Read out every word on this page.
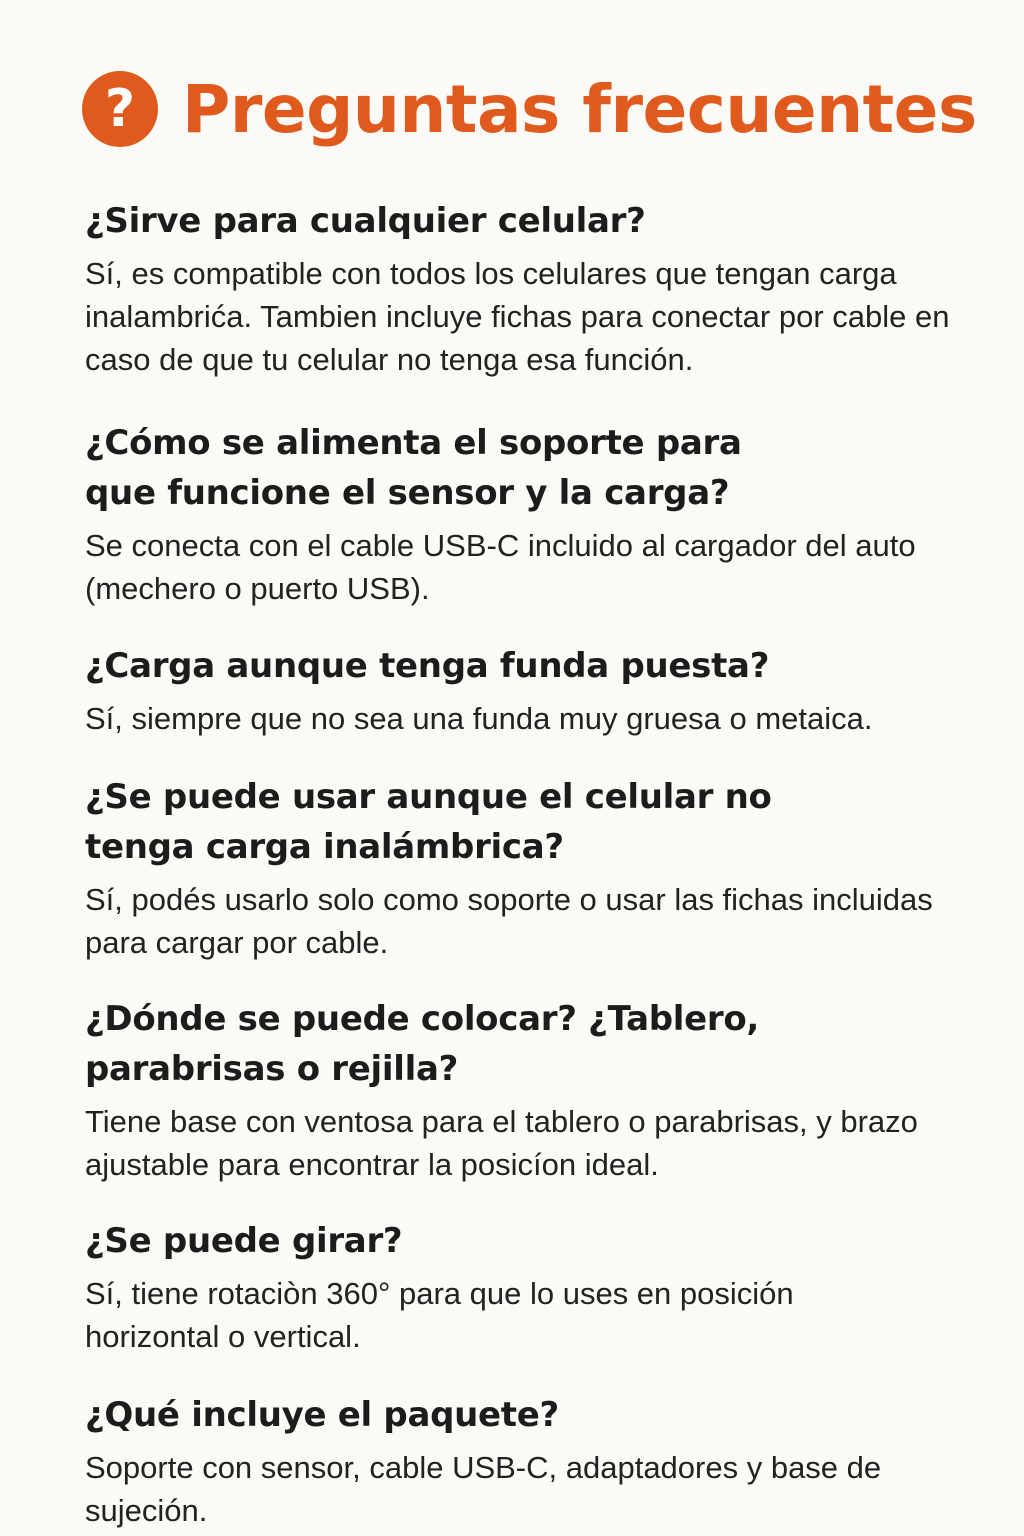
? Preguntas frecuentes

¿Sirve para cualquier celular?

Sí, es compatible con todos los celulares que tengan carga inalambrića. Tambien incluye fichas para conectar por cable en caso de que tu celular no tenga esa función.

¿Cómo se alimenta el soporte para que funcione el sensor y la carga?

Se conecta con el cable USB-C incluido al cargador del auto (mechero o puerto USB).

¿Carga aunque tenga funda puesta?

Sí, siempre que no sea una funda muy gruesa o metaica.

¿Se puede usar aunque el celular no tenga carga inalámbrica?

Sí, podés usarlo solo como soporte o usar las fichas incluidas para cargar por cable.

¿Dónde se puede colocar? ¿Tablero, parabrisas o rejilla?

Tiene base con ventosa para el tablero o parabrisas, y brazo ajustable para encontrar la posicíon ideal.

¿Se puede girar?

Sí, tiene rotaciòn 360° para que lo uses en posición horizontal o vertical.

¿Qué incluye el paquete?

Soporte con sensor, cable USB-C, adaptadores y base de sujeción.
